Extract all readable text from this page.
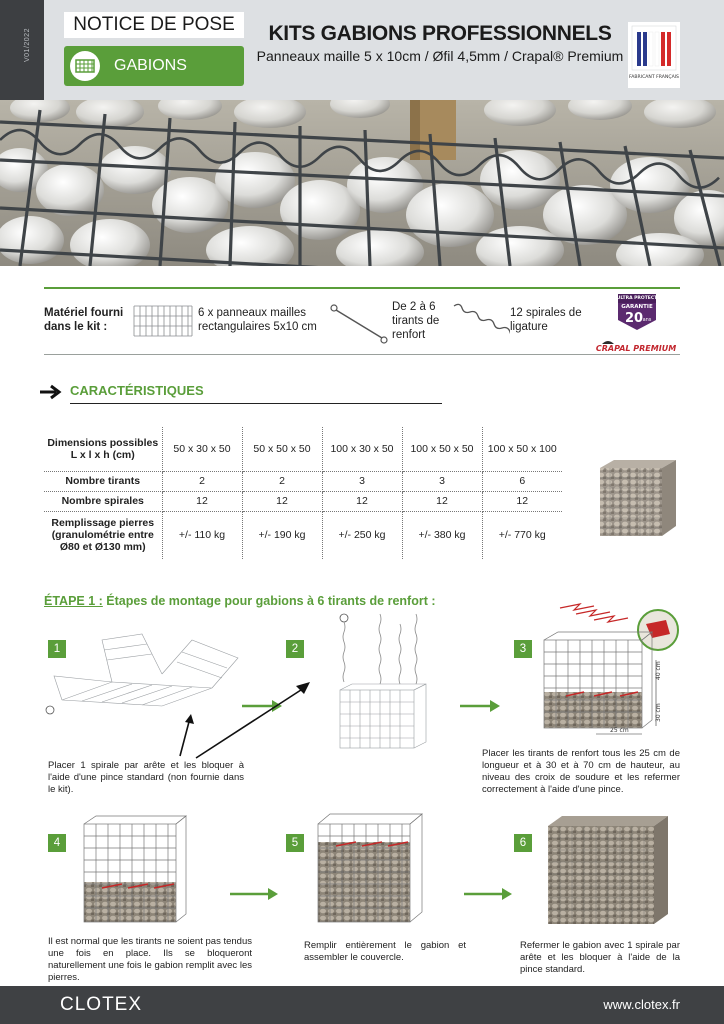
V01/2022
NOTICE DE POSE
GABIONS
KITS GABIONS PROFESSIONNELS
Panneaux maille 5 x 10cm / Øfil 4,5mm / Crapal® Premium
FABRICANT FRANÇAIS
Matériel fourni dans le kit :
6 x panneaux mailles rectangulaires 5x10 cm
De 2 à 6 tirants de renfort
12 spirales de ligature
ULTRA PROTECT
GARANTIE
20 ans
CRAPAL PREMIUM
CARACTÉRISTIQUES
Dimensions possibles L x l x h (cm)	50 x 30 x 50	50 x 50 x 50	100 x 30 x 50	100 x 50 x 50	100 x 50 x 100
Nombre tirants	2	2	3	3	6
Nombre spirales	12	12	12	12	12
Remplissage pierres (granulométrie entre Ø80 et Ø130 mm)	+/- 110 kg	+/- 190 kg	+/- 250 kg	+/- 380 kg	+/- 770 kg
ÉTAPE 1 : Étapes de montage pour gabions à 6 tirants de renfort :
1
Placer 1 spirale par arête et les bloquer à l'aide d'une pince standard (non fournie dans le kit).
2	3
40 cm
30 cm
25 cm
Placer les tirants de renfort tous les 25 cm de longueur et à 30 et à 70 cm de hauteur, au niveau des croix de soudure et les refermer correctement à l'aide d'une pince.
4
Il est normal que les tirants ne soient pas tendus une fois en place. Ils se bloqueront naturellement une fois le gabion remplit avec les pierres.
5
Remplir entièrement le gabion et assembler le couvercle.
6
Refermer le gabion avec 1 spirale par arête et les bloquer à l'aide de la pince standard.
CLOTEX	www.clotex.fr
